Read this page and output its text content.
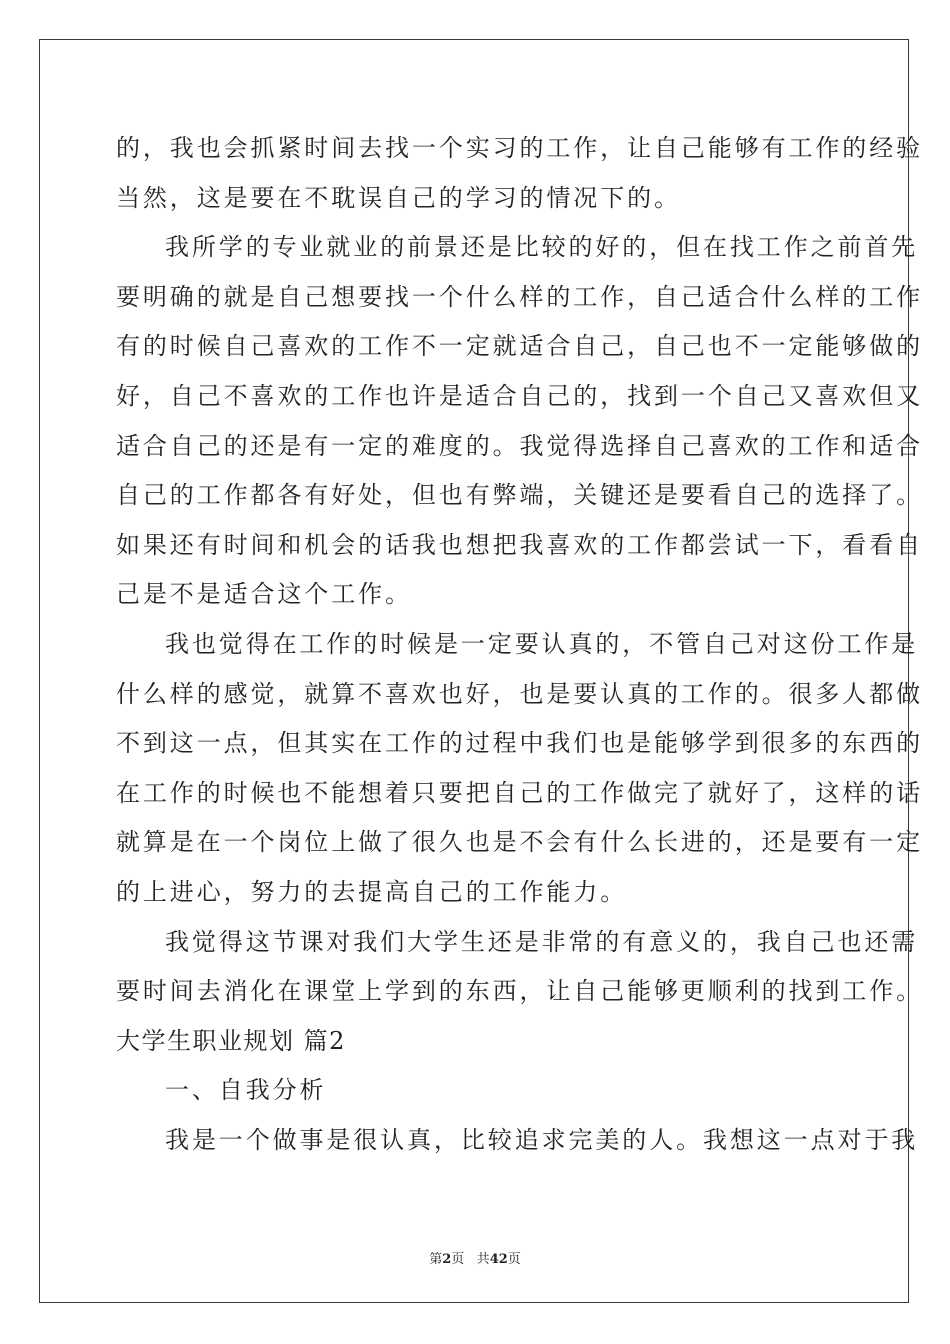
的，我也会抓紧时间去找一个实习的工作，让自己能够有工作的经验
当然，这是要在不耽误自己的学习的情况下的。
我所学的专业就业的前景还是比较的好的，但在找工作之前首先
要明确的就是自己想要找一个什么样的工作，自己适合什么样的工作
有的时候自己喜欢的工作不一定就适合自己，自己也不一定能够做的
好，自己不喜欢的工作也许是适合自己的，找到一个自己又喜欢但又
适合自己的还是有一定的难度的。我觉得选择自己喜欢的工作和适合
自己的工作都各有好处，但也有弊端，关键还是要看自己的选择了。
如果还有时间和机会的话我也想把我喜欢的工作都尝试一下，看看自
己是不是适合这个工作。
我也觉得在工作的时候是一定要认真的，不管自己对这份工作是
什么样的感觉，就算不喜欢也好，也是要认真的工作的。很多人都做
不到这一点，但其实在工作的过程中我们也是能够学到很多的东西的
在工作的时候也不能想着只要把自己的工作做完了就好了，这样的话
就算是在一个岗位上做了很久也是不会有什么长进的，还是要有一定
的上进心，努力的去提高自己的工作能力。
我觉得这节课对我们大学生还是非常的有意义的，我自己也还需
要时间去消化在课堂上学到的东西，让自己能够更顺利的找到工作。
大学生职业规划 篇2
一、自我分析
我是一个做事是很认真，比较追求完美的人。我想这一点对于我
第2页 共42页
